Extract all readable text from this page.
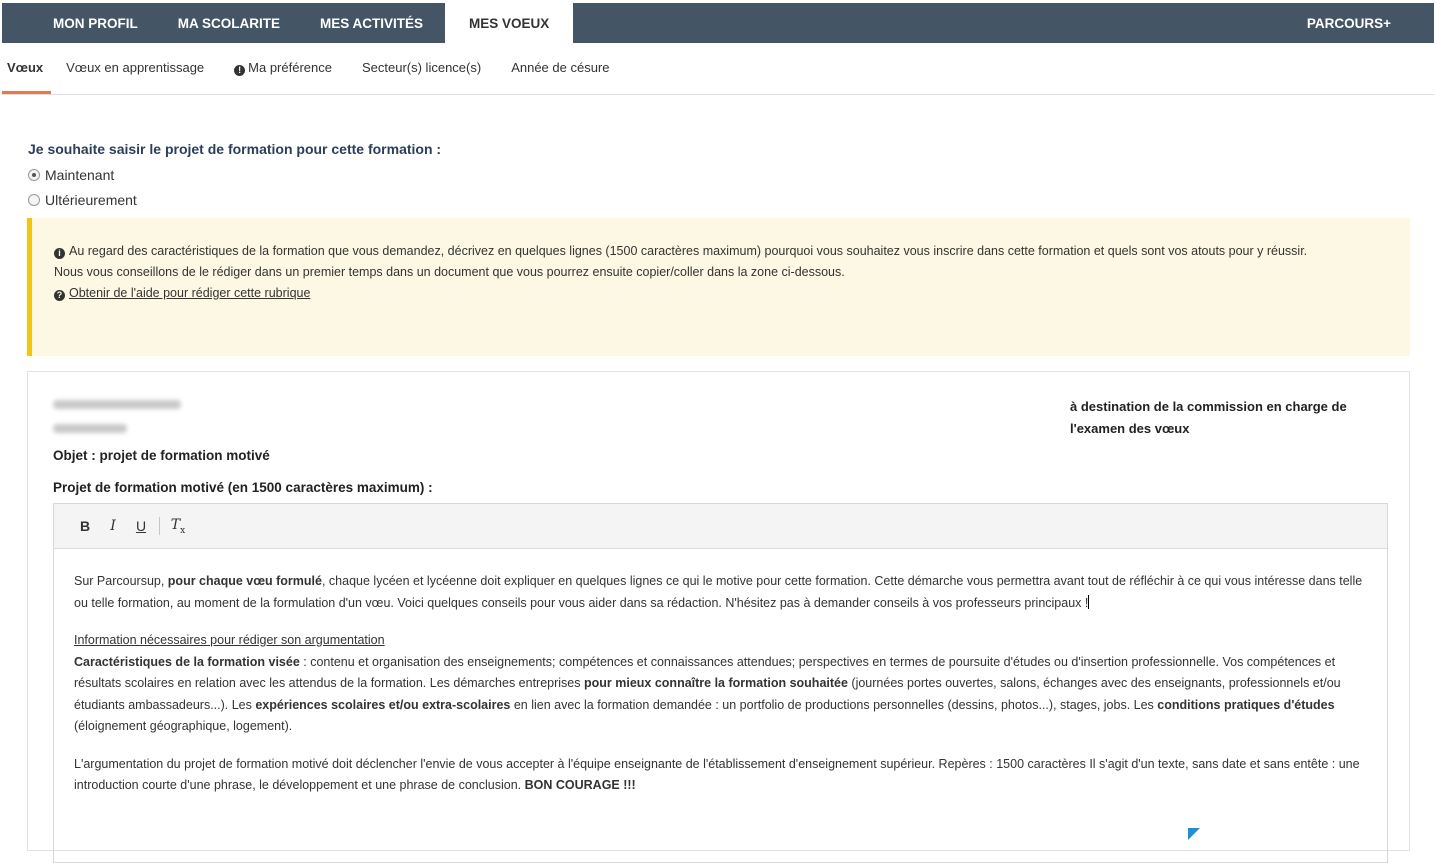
MON PROFIL	MA SCOLARITE	MES ACTIVITÉS	MES VOEUX	PARCOURS+
Vœux	Vœux en apprentissage	! Ma préférence	Secteur(s) licence(s)	Année de césure
Je souhaite saisir le projet de formation pour cette formation :
Maintenant
Ultérieurement
i Au regard des caractéristiques de la formation que vous demandez, décrivez en quelques lignes (1500 caractères maximum) pourquoi vous souhaitez vous inscrire dans cette formation et quels sont vos atouts pour y réussir.
Nous vous conseillons de le rédiger dans un premier temps dans un document que vous pourrez ensuite copier/coller dans la zone ci-dessous.
? Obtenir de l'aide pour rédiger cette rubrique
à destination de la commission en charge de
l'examen des vœux
Objet : projet de formation motivé
Projet de formation motivé (en 1500 caractères maximum) :
B	I	U	$T_x$

Sur Parcoursup, pour chaque vœu formulé, chaque lycéen et lycéenne doit expliquer en quelques lignes ce qui le motive pour cette formation. Cette démarche vous permettra avant tout de réfléchir à ce qui vous intéresse dans telle ou telle formation, au moment de la formulation d'un vœu. Voici quelques conseils pour vous aider dans sa rédaction. N'hésitez pas à demander conseils à vos professeurs principaux !

Information nécessaires pour rédiger son argumentation
Caractéristiques de la formation visée : contenu et organisation des enseignements; compétences et connaissances attendues; perspectives en termes de poursuite d'études ou d'insertion professionnelle. Vos compétences et résultats scolaires en relation avec les attendus de la formation. Les démarches entreprises pour mieux connaître la formation souhaitée (journées portes ouvertes, salons, échanges avec des enseignants, professionnels et/ou étudiants ambassadeurs...). Les expériences scolaires et/ou extra-scolaires en lien avec la formation demandée : un portfolio de productions personnelles (dessins, photos...), stages, jobs. Les conditions pratiques d'études (éloignement géographique, logement).

L'argumentation du projet de formation motivé doit déclencher l'envie de vous accepter à l'équipe enseignante de l'établissement d'enseignement supérieur. Repères : 1500 caractères Il s'agit d'un texte, sans date et sans entête : une introduction courte d'une phrase, le développement et une phrase de conclusion. BON COURAGE !!!
